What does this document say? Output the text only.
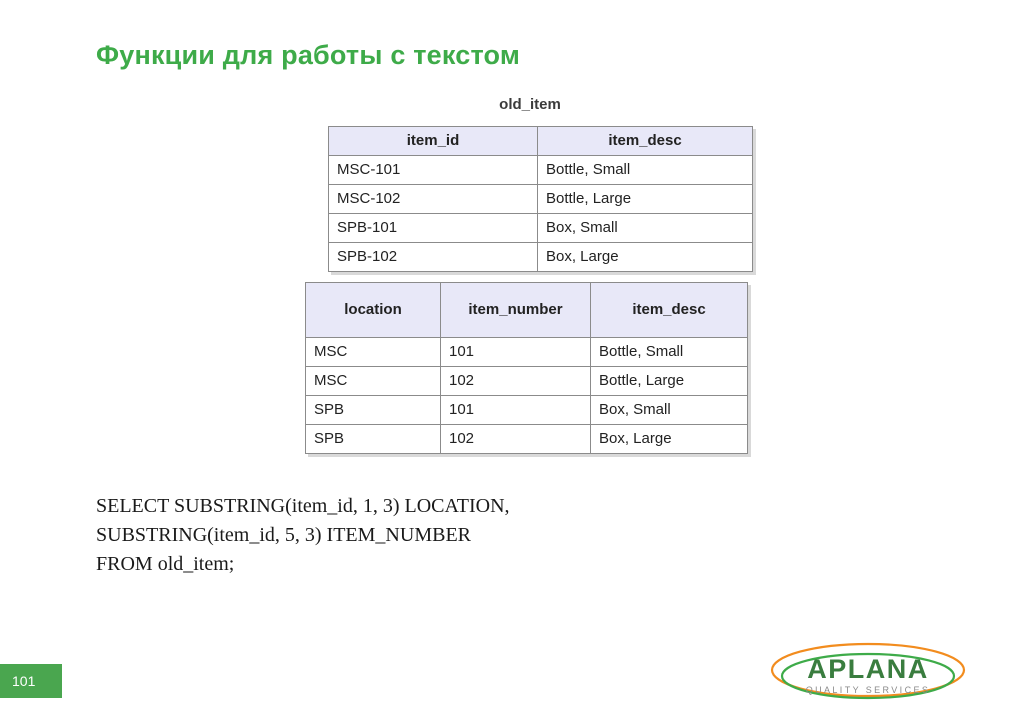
Функции для работы с текстом
old_item
item_id	item_desc
MSC-101	Bottle, Small
MSC-102	Bottle, Large
SPB-101	Box, Small
SPB-102	Box, Large
location	item_number	item_desc
MSC	101	Bottle, Small
MSC	102	Bottle, Large
SPB	101	Box, Small
SPB	102	Box, Large
SELECT SUBSTRING(item_id, 1, 3) LOCATION,
SUBSTRING(item_id, 5, 3) ITEM_NUMBER
FROM old_item;
101	APLANA
QUALITY SERVICES
